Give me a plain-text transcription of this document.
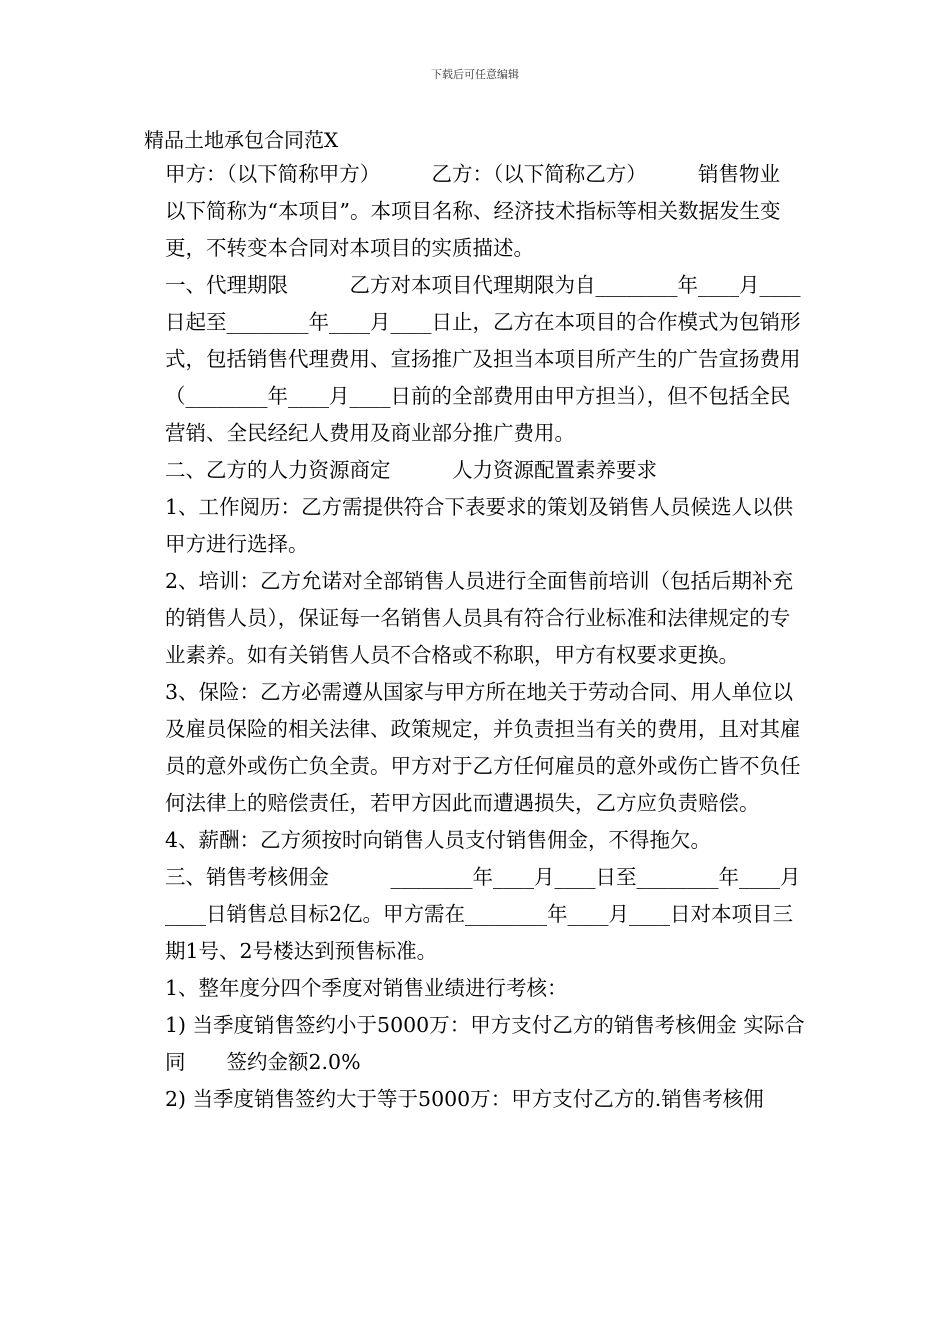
下载后可任意编辑
精品土地承包合同范X

甲方：（以下简称甲方）　　　乙方：（以下简称乙方）　　　销售物业　　以下简称为“本项目”。本项目名称、经济技术指标等相关数据发生变更，不转变本合同对本项目的实质描述。

一、代理期限　　　乙方对本项目代理期限为自________年____月____日起至________年____月____日止，乙方在本项目的合作模式为包销形式，包括销售代理费用、宣扬推广及担当本项目所产生的广告宣扬费用（________年____月____日前的全部费用由甲方担当），但不包括全民营销、全民经纪人费用及商业部分推广费用。

二、乙方的人力资源商定　　　人力资源配置素养要求

1、工作阅历：乙方需提供符合下表要求的策划及销售人员候选人以供甲方进行选择。

2、培训：乙方允诺对全部销售人员进行全面售前培训（包括后期补充的销售人员），保证每一名销售人员具有符合行业标准和法律规定的专业素养。如有关销售人员不合格或不称职，甲方有权要求更换。

3、保险：乙方必需遵从国家与甲方所在地关于劳动合同、用人单位以及雇员保险的相关法律、政策规定，并负责担当有关的费用，且对其雇员的意外或伤亡负全责。甲方对于乙方任何雇员的意外或伤亡皆不负任何法律上的赔偿责任，若甲方因此而遭遇损失，乙方应负责赔偿。

4、薪酬：乙方须按时向销售人员支付销售佣金，不得拖欠。

三、销售考核佣金　　　________年____月____日至________年____月____日销售总目标2亿。甲方需在________年____月____日对本项目三期1号、2号楼达到预售标准。

1、整年度分四个季度对销售业绩进行考核：

1) 当季度销售签约小于5000万：甲方支付乙方的销售考核佣金 实际合同　　签约金额2.0%

2) 当季度销售签约大于等于5000万：甲方支付乙方的.销售考核佣
